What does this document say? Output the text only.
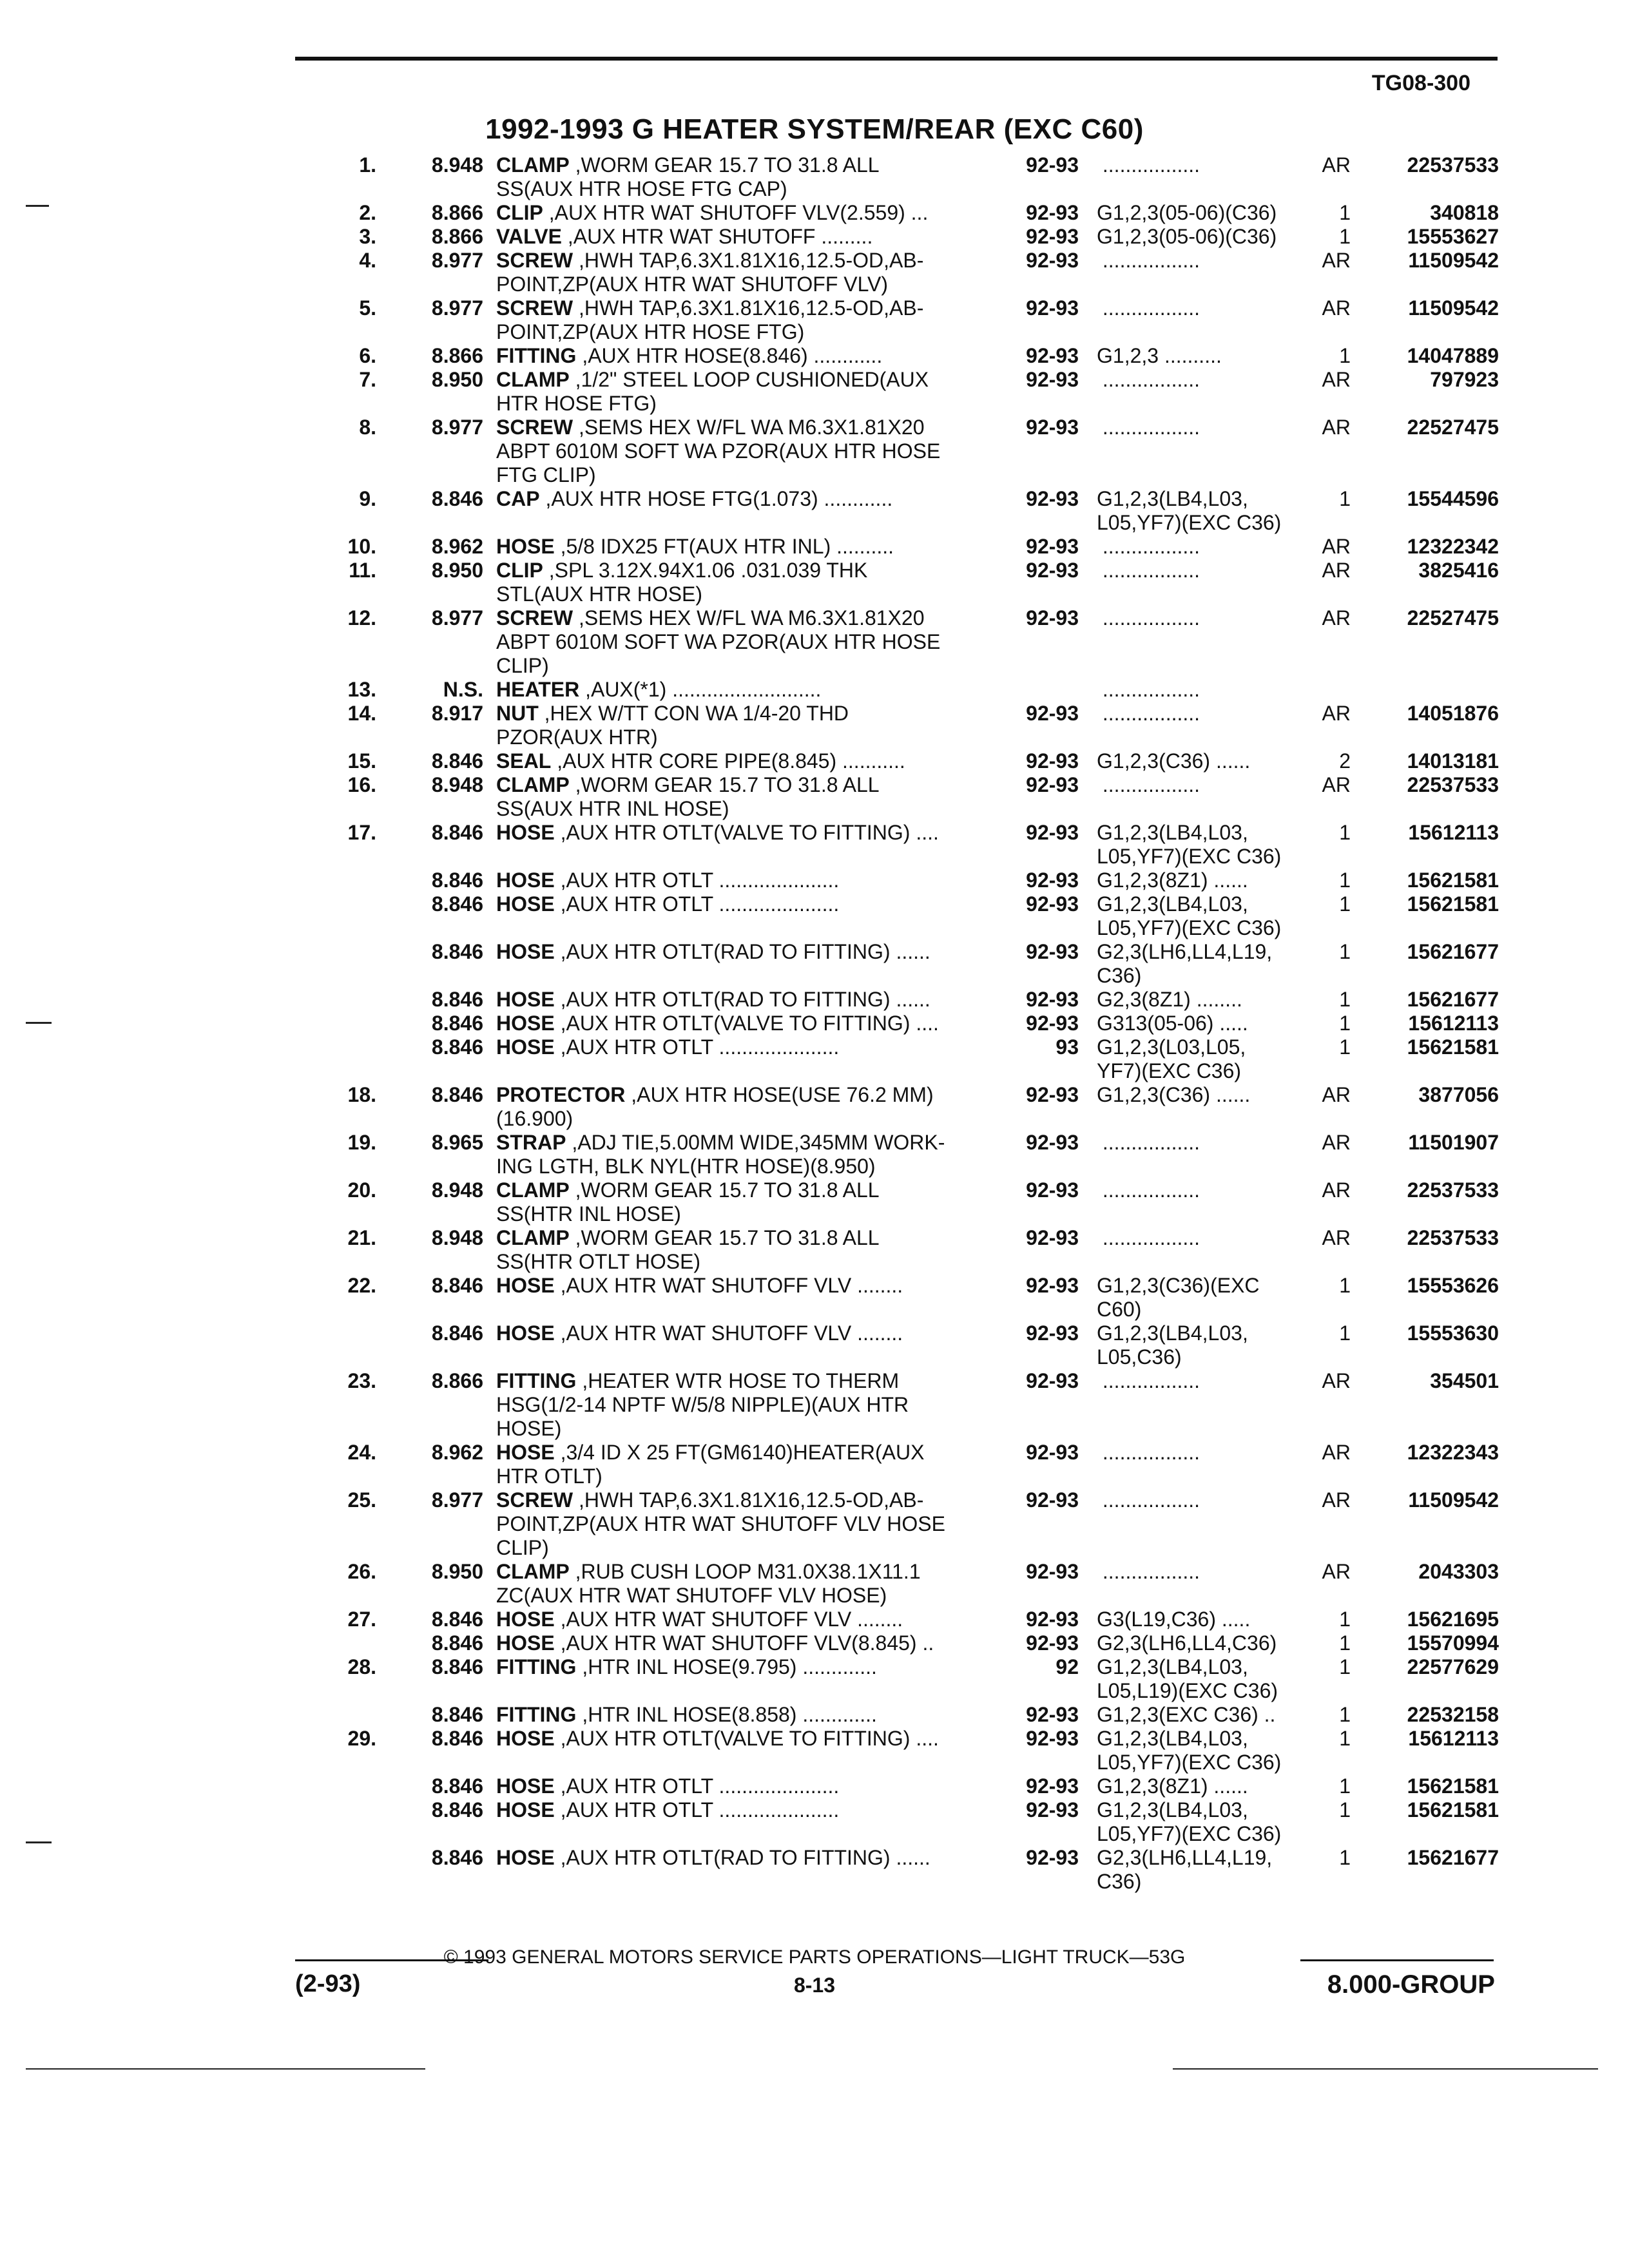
TG08-300
1992-1993 G HEATER SYSTEM/REAR (EXC C60)
1.	8.948 CLAMP ,WORM GEAR 15.7 TO 31.8 ALL	92-93 .................	AR	22537533
SS(AUX HTR HOSE FTG CAP)
2.	8.866 CLIP ,AUX HTR WAT SHUTOFF VLV(2.559) ...	92-93 G1,2,3(05-06)(C36)	1	340818
3.	8.866 VALVE ,AUX HTR WAT SHUTOFF .........	92-93 G1,2,3(05-06)(C36)	1	15553627
4.	8.977 SCREW ,HWH TAP,6.3X1.81X16,12.5-OD,AB-	92-93 .................	AR	11509542
POINT,ZP(AUX HTR WAT SHUTOFF VLV)
5.	8.977 SCREW ,HWH TAP,6.3X1.81X16,12.5-OD,AB-	92-93 .................	AR	11509542
POINT,ZP(AUX HTR HOSE FTG)
6.	8.866 FITTING ,AUX HTR HOSE(8.846) ............	92-93 G1,2,3 ..........	1	14047889
7.	8.950 CLAMP ,1/2" STEEL LOOP CUSHIONED(AUX	92-93 .................	AR	797923
HTR HOSE FTG)
8.	8.977 SCREW ,SEMS HEX W/FL WA M6.3X1.81X20	92-93 .................	AR	22527475
ABPT 6010M SOFT WA PZOR(AUX HTR HOSE
FTG CLIP)
9.	8.846 CAP ,AUX HTR HOSE FTG(1.073) ............	92-93 G1,2,3(LB4,L03,	1	15544596
L05,YF7)(EXC C36)
10.	8.962 HOSE ,5/8 IDX25 FT(AUX HTR INL) ..........	92-93 .................	AR	12322342
11.	8.950 CLIP ,SPL 3.12X.94X1.06 .031.039 THK	92-93 .................	AR	3825416
STL(AUX HTR HOSE)
12.	8.977 SCREW ,SEMS HEX W/FL WA M6.3X1.81X20	92-93 .................	AR	22527475
ABPT 6010M SOFT WA PZOR(AUX HTR HOSE
CLIP)
13.	N.S. HEATER ,AUX(*1) ..........................	.................
14.	8.917 NUT ,HEX W/TT CON WA 1/4-20 THD	92-93 .................	AR	14051876
PZOR(AUX HTR)
15.	8.846 SEAL ,AUX HTR CORE PIPE(8.845) ...........	92-93 G1,2,3(C36) ......	2	14013181
16.	8.948 CLAMP ,WORM GEAR 15.7 TO 31.8 ALL	92-93 .................	AR	22537533
SS(AUX HTR INL HOSE)
17.	8.846 HOSE ,AUX HTR OTLT(VALVE TO FITTING) ....	92-93 G1,2,3(LB4,L03,	1	15612113
L05,YF7)(EXC C36)
8.846 HOSE ,AUX HTR OTLT .....................	92-93 G1,2,3(8Z1) ......	1	15621581
8.846 HOSE ,AUX HTR OTLT .....................	92-93 G1,2,3(LB4,L03,	1	15621581
L05,YF7)(EXC C36)
8.846 HOSE ,AUX HTR OTLT(RAD TO FITTING) ......	92-93 G2,3(LH6,LL4,L19,	1	15621677
C36)
8.846 HOSE ,AUX HTR OTLT(RAD TO FITTING) ......	92-93 G2,3(8Z1) ........	1	15621677
8.846 HOSE ,AUX HTR OTLT(VALVE TO FITTING) ....	92-93 G313(05-06) .....	1	15612113
8.846 HOSE ,AUX HTR OTLT .....................	93 G1,2,3(L03,L05,	1	15621581
YF7)(EXC C36)
18.	8.846 PROTECTOR ,AUX HTR HOSE(USE 76.2 MM)	92-93 G1,2,3(C36) ......	AR	3877056
(16.900)
19.	8.965 STRAP ,ADJ TIE,5.00MM WIDE,345MM WORK-	92-93 .................	AR	11501907
ING LGTH, BLK NYL(HTR HOSE)(8.950)
20.	8.948 CLAMP ,WORM GEAR 15.7 TO 31.8 ALL	92-93 .................	AR	22537533
SS(HTR INL HOSE)
21.	8.948 CLAMP ,WORM GEAR 15.7 TO 31.8 ALL	92-93 .................	AR	22537533
SS(HTR OTLT HOSE)
22.	8.846 HOSE ,AUX HTR WAT SHUTOFF VLV ........	92-93 G1,2,3(C36)(EXC	1	15553626
C60)
8.846 HOSE ,AUX HTR WAT SHUTOFF VLV ........	92-93 G1,2,3(LB4,L03,	1	15553630
L05,C36)
23.	8.866 FITTING ,HEATER WTR HOSE TO THERM	92-93 .................	AR	354501
HSG(1/2-14 NPTF W/5/8 NIPPLE)(AUX HTR
HOSE)
24.	8.962 HOSE ,3/4 ID X 25 FT(GM6140)HEATER(AUX	92-93 .................	AR	12322343
HTR OTLT)
25.	8.977 SCREW ,HWH TAP,6.3X1.81X16,12.5-OD,AB-	92-93 .................	AR	11509542
POINT,ZP(AUX HTR WAT SHUTOFF VLV HOSE
CLIP)
26.	8.950 CLAMP ,RUB CUSH LOOP M31.0X38.1X11.1	92-93 .................	AR	2043303
ZC(AUX HTR WAT SHUTOFF VLV HOSE)
27.	8.846 HOSE ,AUX HTR WAT SHUTOFF VLV ........	92-93 G3(L19,C36) .....	1	15621695
8.846 HOSE ,AUX HTR WAT SHUTOFF VLV(8.845) ..	92-93 G2,3(LH6,LL4,C36)	1	15570994
28.	8.846 FITTING ,HTR INL HOSE(9.795) .............	92 G1,2,3(LB4,L03,	1	22577629
L05,L19)(EXC C36)
8.846 FITTING ,HTR INL HOSE(8.858) .............	92-93 G1,2,3(EXC C36) ..	1	22532158
29.	8.846 HOSE ,AUX HTR OTLT(VALVE TO FITTING) ....	92-93 G1,2,3(LB4,L03,	1	15612113
L05,YF7)(EXC C36)
8.846 HOSE ,AUX HTR OTLT .....................	92-93 G1,2,3(8Z1) ......	1	15621581
8.846 HOSE ,AUX HTR OTLT .....................	92-93 G1,2,3(LB4,L03,	1	15621581
L05,YF7)(EXC C36)
8.846 HOSE ,AUX HTR OTLT(RAD TO FITTING) ......	92-93 G2,3(LH6,LL4,L19,	1	15621677
C36)
© 1993 GENERAL MOTORS SERVICE PARTS OPERATIONS—LIGHT TRUCK—53G
(2-93)	8-13	8.000-GROUP
